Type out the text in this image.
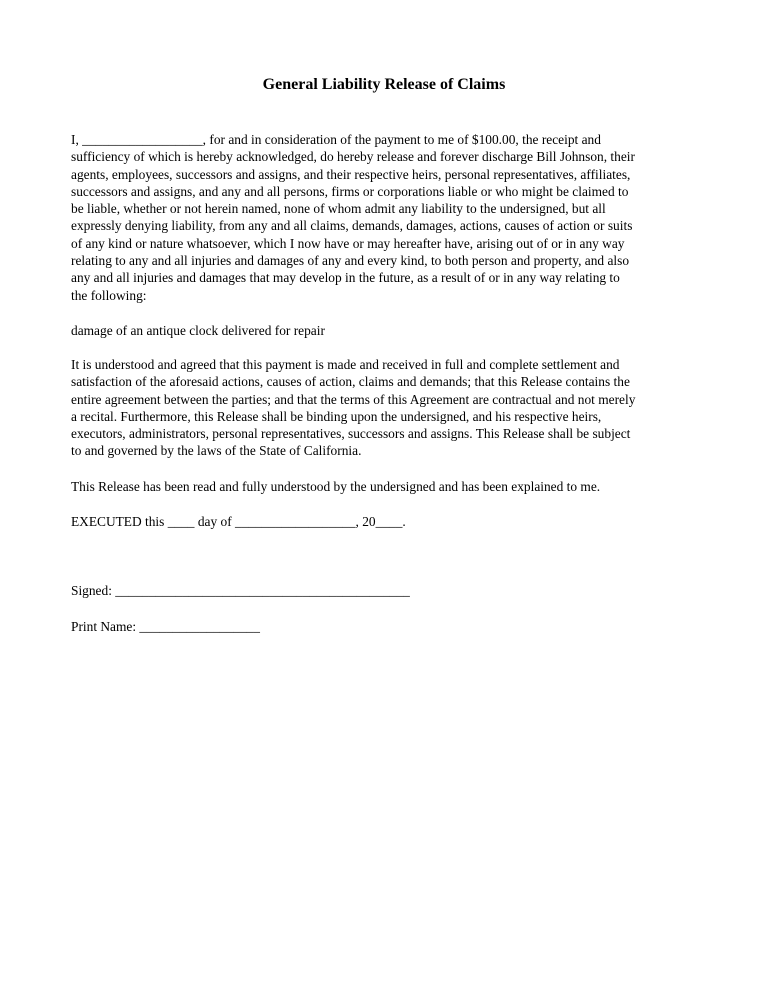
General Liability Release of Claims

I, __________________, for and in consideration of the payment to me of $100.00, the receipt and
sufficiency of which is hereby acknowledged, do hereby release and forever discharge Bill Johnson, their
agents, employees, successors and assigns, and their respective heirs, personal representatives, affiliates,
successors and assigns, and any and all persons, firms or corporations liable or who might be claimed to
be liable, whether or not herein named, none of whom admit any liability to the undersigned, but all
expressly denying liability, from any and all claims, demands, damages, actions, causes of action or suits
of any kind or nature whatsoever, which I now have or may hereafter have, arising out of or in any way
relating to any and all injuries and damages of any and every kind, to both person and property, and also
any and all injuries and damages that may develop in the future, as a result of or in any way relating to
the following:

damage of an antique clock delivered for repair

It is understood and agreed that this payment is made and received in full and complete settlement and
satisfaction of the aforesaid actions, causes of action, claims and demands; that this Release contains the
entire agreement between the parties; and that the terms of this Agreement are contractual and not merely
a recital. Furthermore, this Release shall be binding upon the undersigned, and his respective heirs,
executors, administrators, personal representatives, successors and assigns. This Release shall be subject
to and governed by the laws of the State of California.

This Release has been read and fully understood by the undersigned and has been explained to me.

EXECUTED this ____ day of __________________, 20____.

Signed: ____________________________________________

Print Name: __________________
